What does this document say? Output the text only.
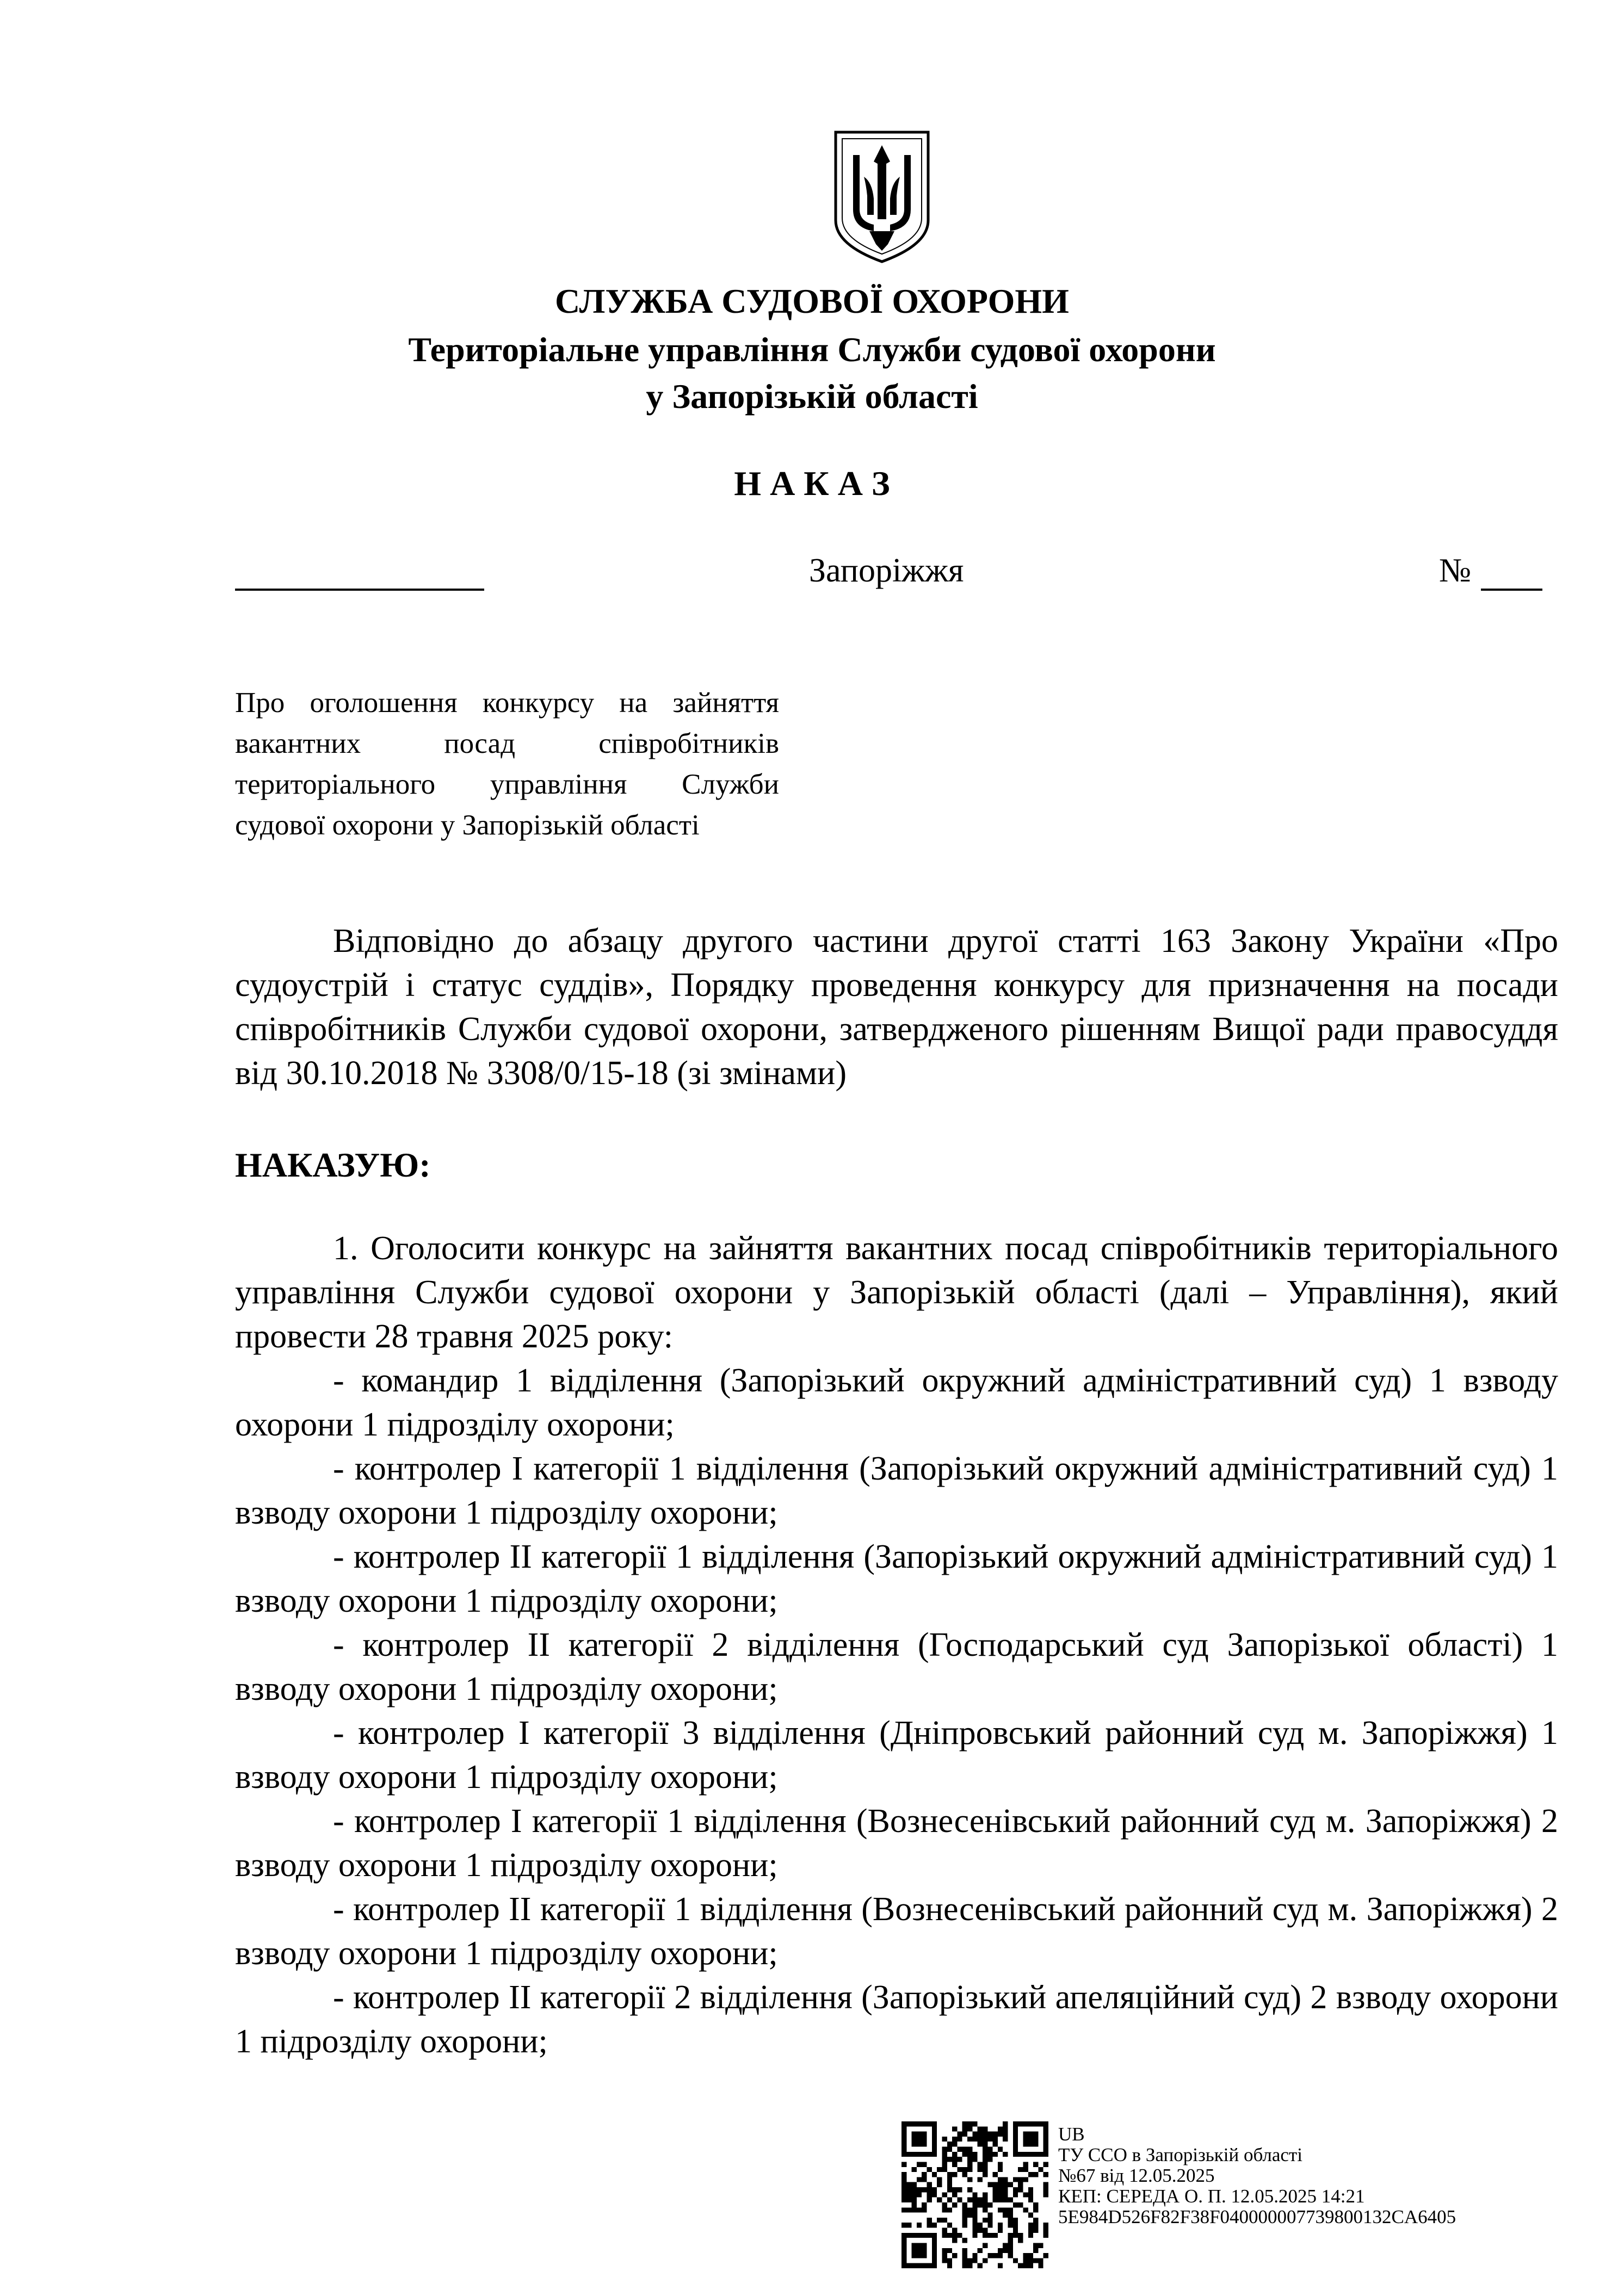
СЛУЖБА СУДОВОЇ ОХОРОНИ
Територіальне управління Служби судової охорони
у Запорізькій області
Н А К А З
Запоріжжя	№
Про оголошення конкурсу на зайняття вакантних посад співробітників територіального управління Служби судової охорони у Запорізькій області
Відповідно до абзацу другого частини другої статті 163 Закону України «Про судоустрій і статус суддів», Порядку проведення конкурсу для призначення на посади співробітників Служби судової охорони, затвердженого рішенням Вищої ради правосуддя від 30.10.2018 № 3308/0/15-18 (зі змінами)
НАКАЗУЮ:
1. Оголосити конкурс на зайняття вакантних посад співробітників територіального управління Служби судової охорони у Запорізькій області (далі – Управління), який провести 28 травня 2025 року:
- командир 1 відділення (Запорізький окружний адміністративний суд) 1 взводу охорони 1 підрозділу охорони;
- контролер І категорії 1 відділення (Запорізький окружний адміністративний суд) 1 взводу охорони 1 підрозділу охорони;
- контролер ІІ категорії 1 відділення (Запорізький окружний адміністративний суд) 1 взводу охорони 1 підрозділу охорони;
- контролер ІІ категорії 2 відділення (Господарський суд Запорізької області) 1 взводу охорони 1 підрозділу охорони;
- контролер І категорії 3 відділення (Дніпровський районний суд м. Запоріжжя) 1 взводу охорони 1 підрозділу охорони;
- контролер І категорії 1 відділення (Вознесенівський районний суд м. Запоріжжя) 2 взводу охорони 1 підрозділу охорони;
- контролер ІІ категорії 1 відділення (Вознесенівський районний суд м. Запоріжжя) 2 взводу охорони 1 підрозділу охорони;
- контролер ІІ категорії 2 відділення (Запорізький апеляційний суд) 2 взводу охорони 1 підрозділу охорони;
UB
ТУ ССО в Запорізькій області
№67 від 12.05.2025
КЕП: СЕРЕДА О. П. 12.05.2025 14:21
5E984D526F82F38F040000007739800132CA6405
